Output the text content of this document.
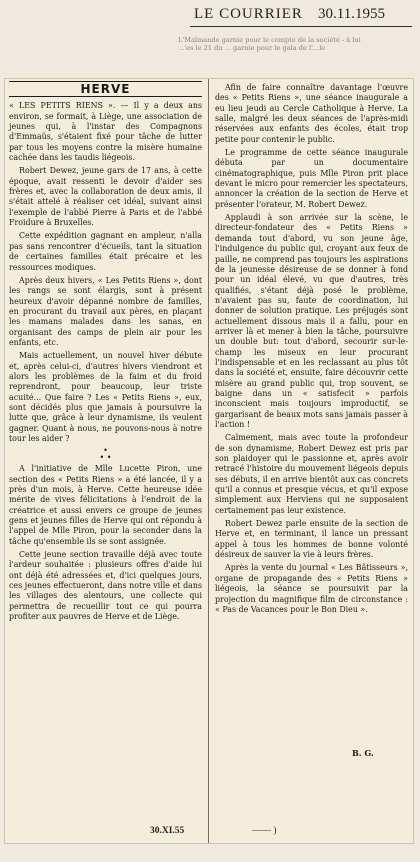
LE COURRIER 30.11.1955
L'Malmande garnie pour le compte de la société - à lui
...'es le 21 du ... garnie pour le gala de l'...le
HERVE

« LES PETITS RIENS ». — Il y a deux ans environ, se formait, à Liège, une association de jeunes qui, à l'instar des Compagnons d'Emmaüs, s'étaient fixé pour tâche de lutter par tous les moyens contre la misère humaine cachée dans les taudis liégeois.

Robert Dewez, jeune gars de 17 ans, à cette époque, avait ressenti le devoir d'aider ses frères et, avec la collaboration de deux amis, il s'était attelé à réaliser cet idéal, suivant ainsi l'exemple de l'abbé Pierre à Paris et de l'abbé Froidure à Bruxelles.

Cette expédition gagnant en ampleur, n'alla pas sans rencontrer d'écueils, tant la situation de certaines familles était précaire et les ressources modiques.

Après deux hivers, « Les Petits Riens », dont les rangs se sont élargis, sont à présent heureux d'avoir dépanné nombre de familles, en procurant du travail aux pères, en plaçant les mamans malades dans les sanas, en organisant des camps de plein air pour les enfants, etc.

Mais actuellement, un nouvel hiver débute et, après celui-ci, d'autres hivers viendront et alors les problèmes de la faim et du froid reprendront, pour beaucoup, leur triste acuité... Que faire ? Les « Petits Riens », eux, sont décidés plus que jamais à poursuivre la lutte que, grâce à leur dynamisme, ils veulent gagner. Quant à nous, ne pouvons-nous à notre tour les aider ?

•
• •

A l'initiative de Mlle Lucette Piron, une section des « Petits Riens » a été lancée, il y a près d'un mois, à Herve. Cette heureuse idée mérite de vives félicitations à l'endroit de la créatrice et aussi envers ce groupe de jeunes gens et jeunes filles de Herve qui ont répondu à l'appel de Mlle Piron, pour la seconder dans la tâche qu'ensemble ils se sont assignée.

Cette jeune section travaille déjà avec toute l'ardeur souhaitée : plusieurs offres d'aide lui ont déjà été adressées et, d'ici quelques jours, ces jeunes effectueront, dans notre ville et dans les villages des alentours, une collecte qui permettra de recueillir tout ce qui pourra profiter aux pauvres de Herve et de Liège.

Afin de faire connaître davantage l'œuvre des « Petits Riens », une séance inaugurale a eu lieu jeudi au Cercle Catholique à Herve. La salle, malgré les deux séances de l'après-midi réservées aux enfants des écoles, était trop petite pour contenir le public.

Le programme de cette séance inaugurale débuta par un documentaire cinématographique, puis Mlle Piron prit place devant le micro pour remercier les spectateurs, annoncer la création de la section de Herve et présenter l'orateur, M. Robert Dewez.

Applaudi à son arrivée sur la scène, le directeur-fondateur des « Petits Riens » demanda tout d'abord, vu son jeune âge, l'indulgence du public qui, croyant aux feux de paille, ne comprend pas toujours les aspirations de la jeunesse désireuse de se donner à fond pour un idéal élevé, vu que d'autres, très qualifiés, s'étant déjà posé le problème, n'avaient pas su, faute de coordination, lui donner de solution pratique. Les préjugés sont actuellement dissous mais il a fallu, pour en arriver là et mener à bien la tâche, poursuivre un double but: tout d'abord, secourir sur-le-champ les miseux en leur procurant l'indispensable et en les reclassant au plus tôt dans la société et, ensuite, faire découvrir cette misère au grand public qui, trop souvent, se baigne dans un « satisfecit » parfois inconscient mais toujours improductif, se gargarisant de beaux mots sans jamais passer à l'action !

Calmement, mais avec toute la profondeur de son dynamisme, Robert Dewez est pris par son plaidoyer qui le passionne et, après avoir retracé l'histoire du mouvement liégeois depuis ses débuts, il en arrive bientôt aux cas concrets qu'il a connus et presque vécus, et qu'il expose simplement aux Herviens qui ne supposaient certainement pas leur existence.

Robert Dewez parle ensuite de la section de Herve et, en terminant, il lance un pressant appel à tous les hommes de bonne volonté désireux de sauver la vie à leurs frères.

Après la vente du journal « Les Bâtisseurs », organe de propagande des « Petits Riens » liégeois, la séance se poursuivit par la projection du magnifique film de circonstance : « Pas de Vacances pour le Bon Dieu ».

B. G.
30.XI.55	—— )
